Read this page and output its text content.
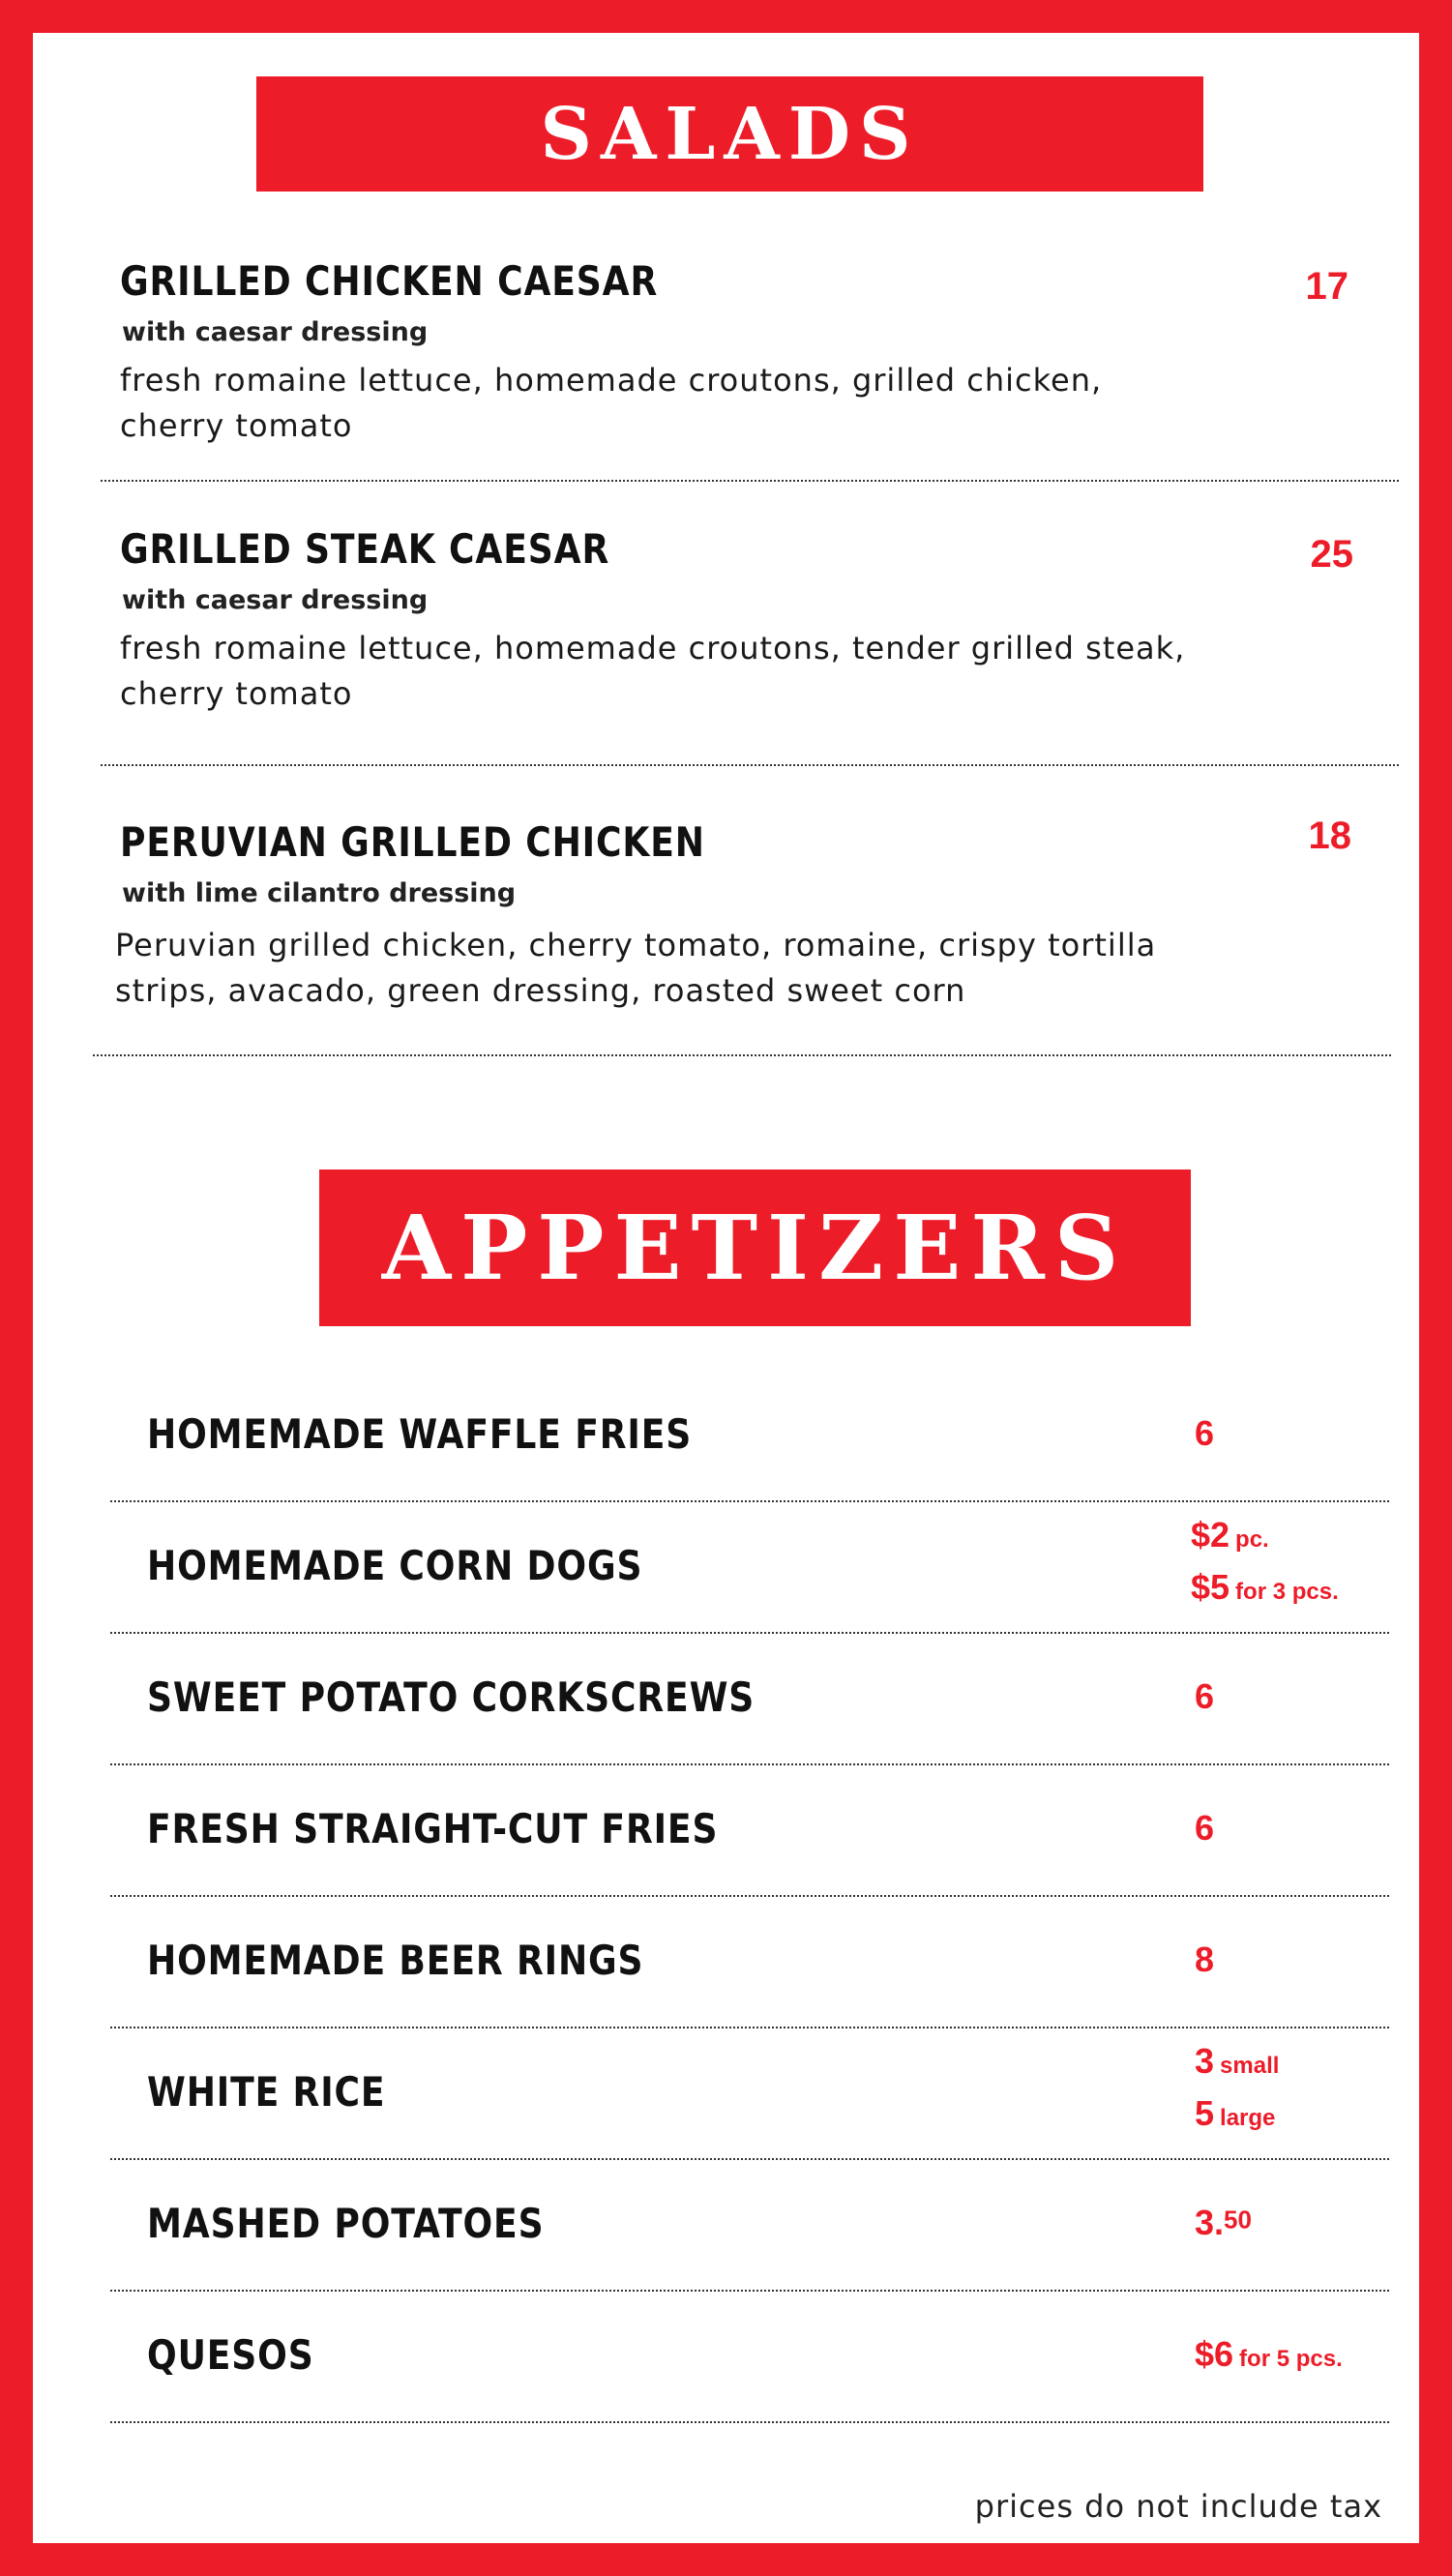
SALADS
GRILLED CHICKEN CAESAR
with caesar dressing
fresh romaine lettuce, homemade croutons, grilled chicken, cherry tomato
17
GRILLED STEAK CAESAR
with caesar dressing
fresh romaine lettuce, homemade croutons, tender grilled steak, cherry tomato
25
PERUVIAN GRILLED CHICKEN
with lime cilantro dressing
Peruvian grilled chicken, cherry tomato, romaine, crispy tortilla strips, avacado, green dressing, roasted sweet corn
18
APPETIZERS
HOMEMADE WAFFLE FRIES	6
HOMEMADE CORN DOGS
$2 pc.
$5 for 3 pcs.
SWEET POTATO CORKSCREWS	6
FRESH STRAIGHT-CUT FRIES	6
HOMEMADE BEER RINGS	8
WHITE RICE
3 small
5 large
MASHED POTATOES	3.50
QUESOS	$6 for 5 pcs.
prices do not include tax
